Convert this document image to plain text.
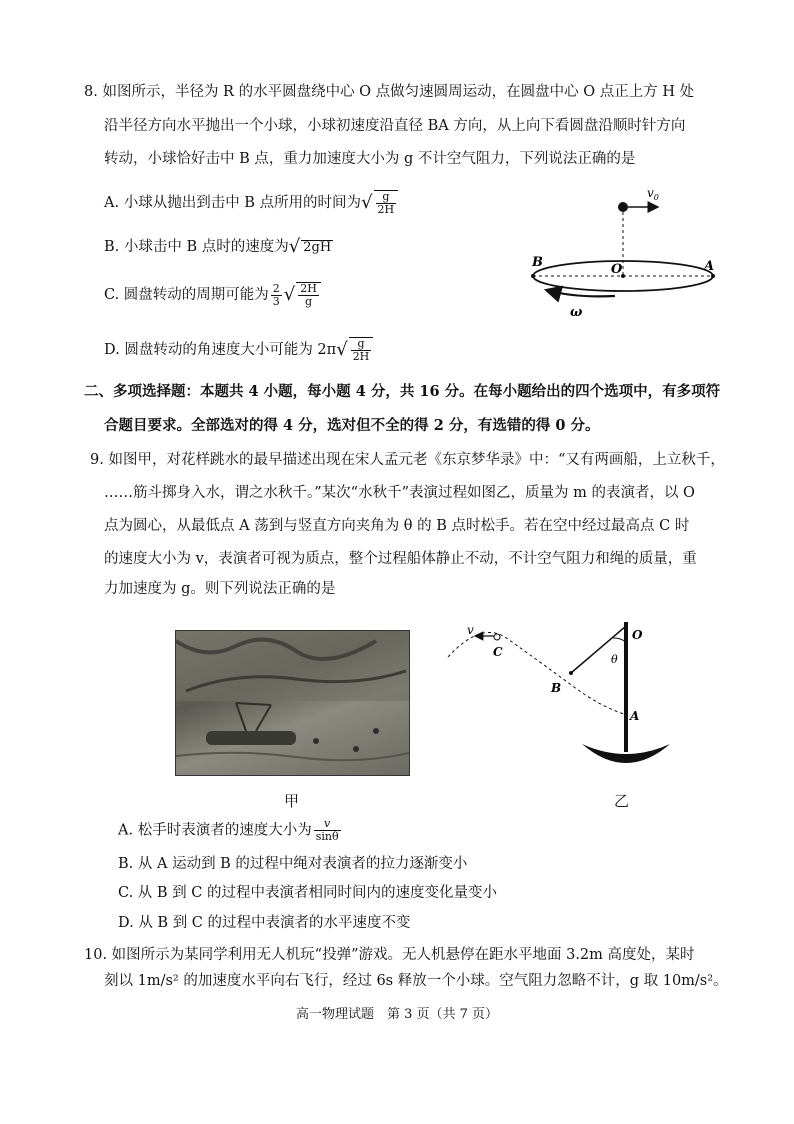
8. 如图所示，半径为 R 的水平圆盘绕中心 O 点做匀速圆周运动，在圆盘中心 O 点正上方 H 处
沿半径方向水平抛出一个小球，小球初速度沿直径 BA 方向，从上向下看圆盘沿顺时针方向
转动，小球恰好击中 B 点，重力加速度大小为 g 不计空气阻力，下列说法正确的是
A. 小球从抛出到击中 B 点所用的时间为√ $\frac{g}{2H}$
B. 小球击中 B 点时的速度为√ 2gH
C. 圆盘转动的周期可能为 $\frac{2}{3}$ √ $\frac{2H}{g}$
D. 圆盘转动的角速度大小可能为 $2\pi√ \frac{g}{2H}$
$v_0$
B	O	A
ω
二、多项选择题：本题共 4 小题，每小题 4 分，共 16 分。在每小题给出的四个选项中，有多项符
合题目要求。全部选对的得 4 分，选对但不全的得 2 分，有选错的得 0 分。
9. 如图甲，对花样跳水的最早描述出现在宋人孟元老《东京梦华录》中：“又有两画船，上立秋千，
……筋斗掷身入水，谓之水秋千。”某次“水秋千”表演过程如图乙，质量为 m 的表演者，以 O
点为圆心，从最低点 A 荡到与竖直方向夹角为 θ 的 B 点时松手。若在空中经过最高点 C 时
的速度大小为 v，表演者可视为质点，整个过程船体静止不动，不计空气阻力和绳的质量，重
力加速度为 g。则下列说法正确的是
甲
v
C
O
θ
B
A
乙
A. 松手时表演者的速度大小为 $\frac{v}{\sin\theta}$
B. 从 A 运动到 B 的过程中绳对表演者的拉力逐渐变小
C. 从 B 到 C 的过程中表演者相同时间内的速度变化量变小
D. 从 B 到 C 的过程中表演者的水平速度不变
10. 如图所示为某同学利用无人机玩“投弹”游戏。无人机悬停在距水平地面 3.2m 高度处，某时
刻以 1m/s² 的加速度水平向右飞行，经过 6s 释放一个小球。空气阻力忽略不计，g 取 10m/s²。
高一物理试题　第 3 页（共 7 页）
